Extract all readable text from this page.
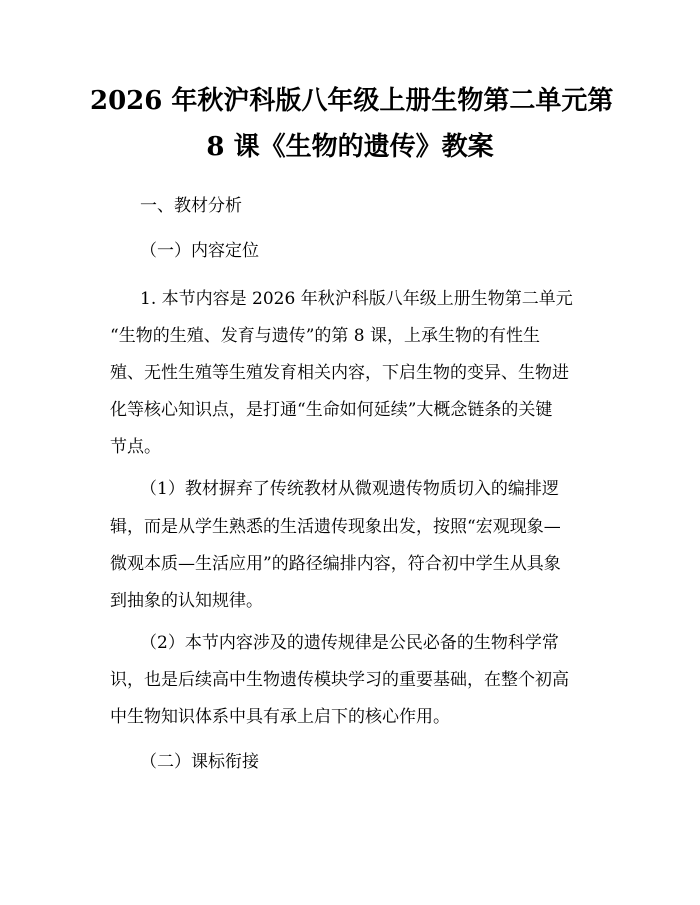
2026 年秋沪科版八年级上册生物第二单元第
8 课《生物的遗传》教案
一、教材分析
（一）内容定位
1. 本节内容是 2026 年秋沪科版八年级上册生物第二单元
“生物的生殖、发育与遗传”的第 8 课，上承生物的有性生
殖、无性生殖等生殖发育相关内容，下启生物的变异、生物进
化等核心知识点，是打通“生命如何延续”大概念链条的关键
节点。
（1）教材摒弃了传统教材从微观遗传物质切入的编排逻
辑，而是从学生熟悉的生活遗传现象出发，按照“宏观现象—
微观本质—生活应用”的路径编排内容，符合初中学生从具象
到抽象的认知规律。
（2）本节内容涉及的遗传规律是公民必备的生物科学常
识，也是后续高中生物遗传模块学习的重要基础，在整个初高
中生物知识体系中具有承上启下的核心作用。
（二）课标衔接
